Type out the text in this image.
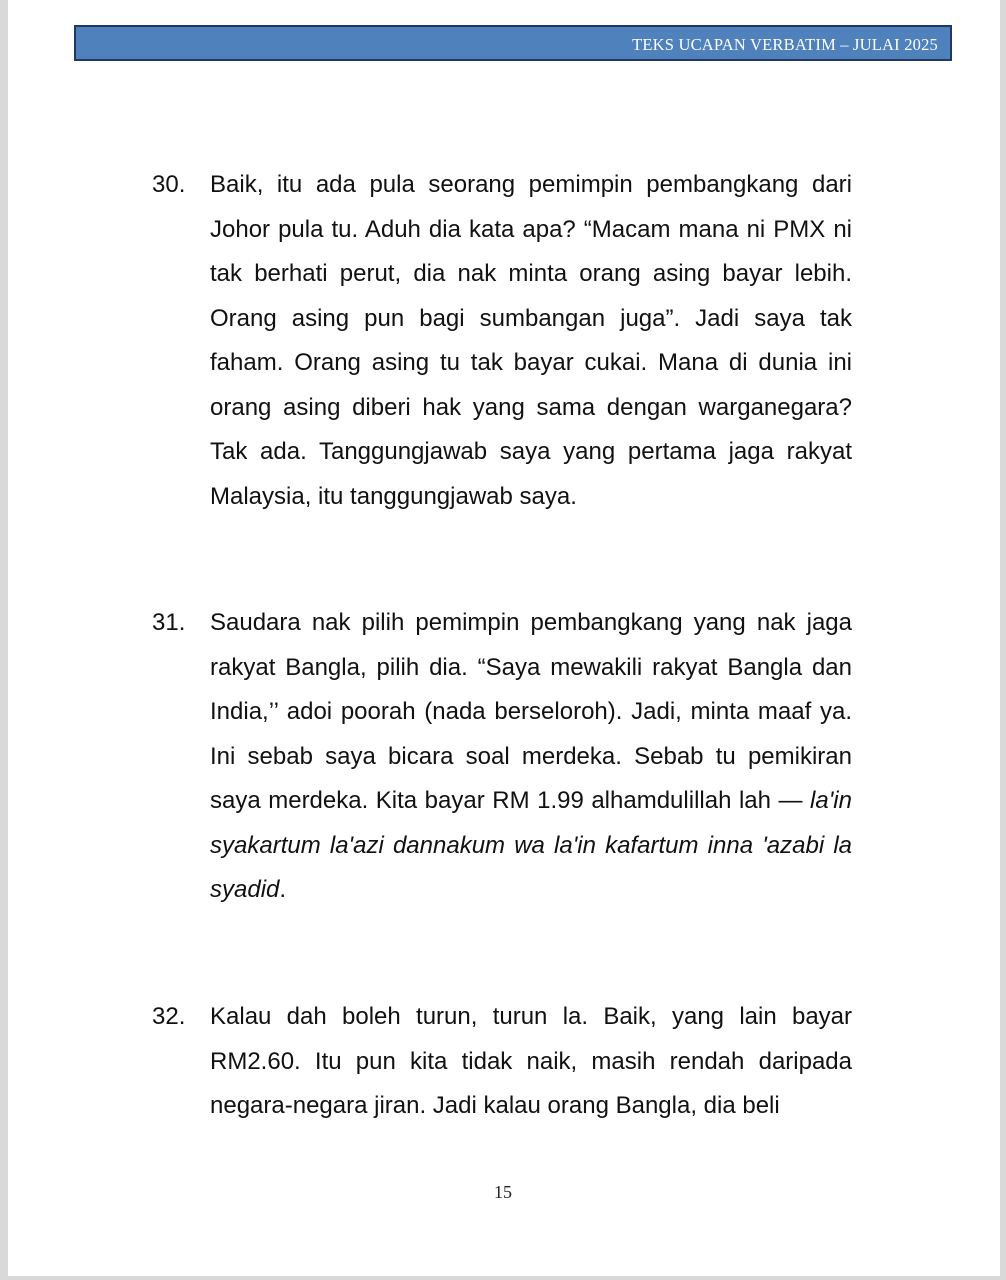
TEKS UCAPAN VERBATIM – JULAI 2025
30. Baik, itu ada pula seorang pemimpin pembangkang dari Johor pula tu. Aduh dia kata apa? “Macam mana ni PMX ni tak berhati perut, dia nak minta orang asing bayar lebih. Orang asing pun bagi sumbangan juga”. Jadi saya tak faham. Orang asing tu tak bayar cukai. Mana di dunia ini orang asing diberi hak yang sama dengan warganegara? Tak ada. Tanggungjawab saya yang pertama jaga rakyat Malaysia, itu tanggungjawab saya.
31. Saudara nak pilih pemimpin pembangkang yang nak jaga rakyat Bangla, pilih dia. “Saya mewakili rakyat Bangla dan India,’’ adoi poorah (nada berseloroh). Jadi, minta maaf ya. Ini sebab saya bicara soal merdeka. Sebab tu pemikiran saya merdeka. Kita bayar RM 1.99 alhamdulillah lah — la'in syakartum la'azi dannakum wa la'in kafartum inna 'azabi la syadid.
32. Kalau dah boleh turun, turun la. Baik, yang lain bayar RM2.60. Itu pun kita tidak naik, masih rendah daripada negara-negara jiran. Jadi kalau orang Bangla, dia beli
15
